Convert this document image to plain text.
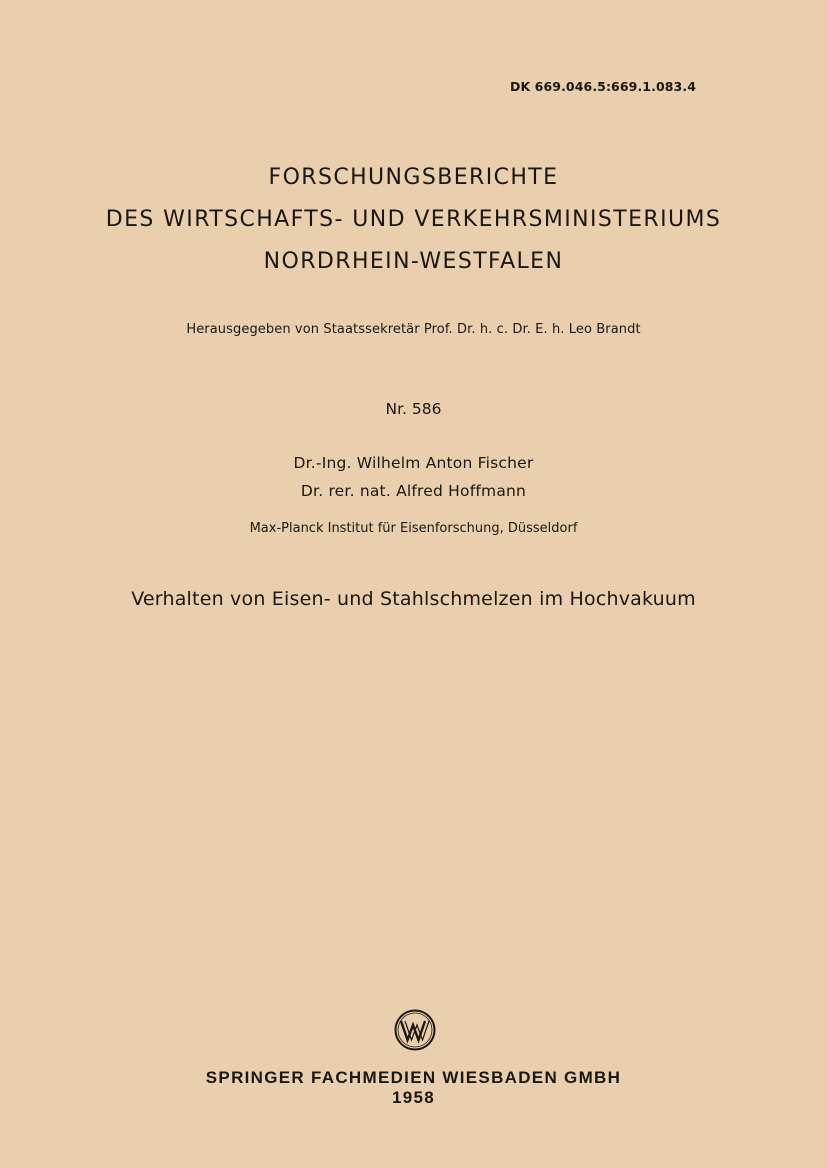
DK 669.046.5:669.1.083.4
FORSCHUNGSBERICHTE
DES WIRTSCHAFTS- UND VERKEHRSMINISTERIUMS
NORDRHEIN-WESTFALEN
Herausgegeben von Staatssekretär Prof. Dr. h. c. Dr. E. h. Leo Brandt
Nr. 586
Dr.-Ing. Wilhelm Anton Fischer
Dr. rer. nat. Alfred Hoffmann
Max-Planck Institut für Eisenforschung, Düsseldorf
Verhalten von Eisen- und Stahlschmelzen im Hochvakuum
SPRINGER FACHMEDIEN WIESBADEN GMBH
1958
